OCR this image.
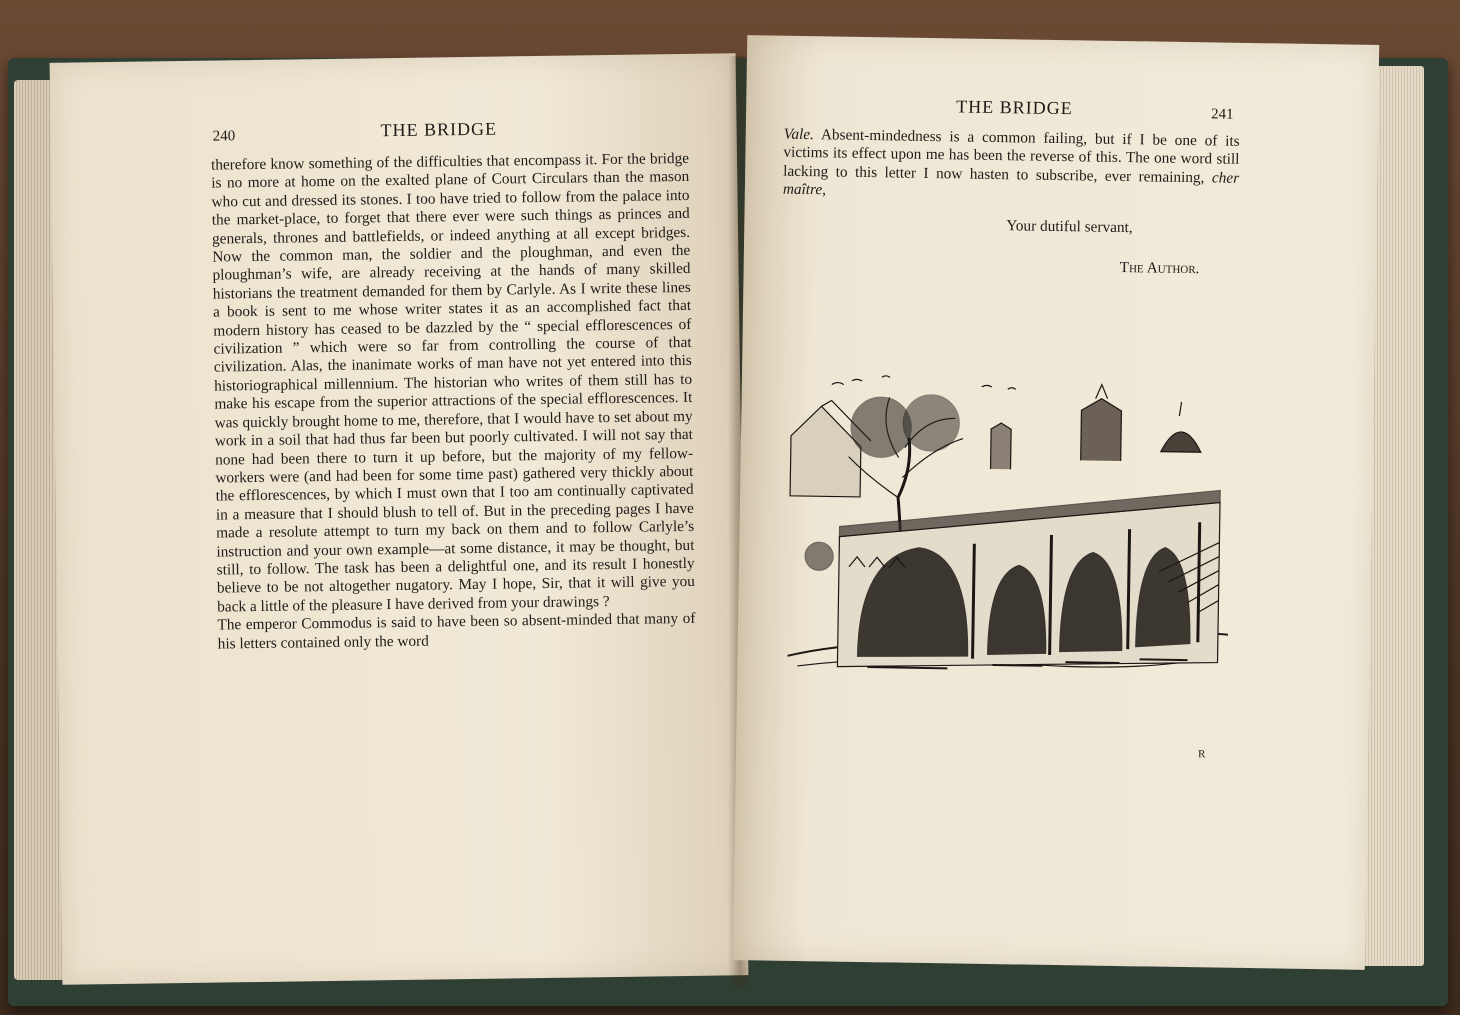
240	THE BRIDGE

therefore know something of the difficulties that encompass it. For the bridge is no more at home on the exalted plane of Court Circulars than the mason who cut and dressed its stones. I too have tried to follow from the palace into the market-place, to forget that there ever were such things as princes and generals, thrones and battlefields, or indeed anything at all except bridges. Now the common man, the soldier and the ploughman, and even the ploughman’s wife, are already receiving at the hands of many skilled historians the treatment demanded for them by Carlyle. As I write these lines a book is sent to me whose writer states it as an accomplished fact that modern history has ceased to be dazzled by the “ special efflorescences of civilization ” which were so far from controlling the course of that civilization. Alas, the inanimate works of man have not yet entered into this historiographical millennium. The historian who writes of them still has to make his escape from the superior attractions of the special efflorescences. It was quickly brought home to me, therefore, that I would have to set about my work in a soil that had thus far been but poorly cultivated. I will not say that none had been there to turn it up before, but the majority of my fellow-workers were (and had been for some time past) gathered very thickly about the efflorescences, by which I must own that I too am continually captivated in a measure that I should blush to tell of. But in the preceding pages I have made a resolute attempt to turn my back on them and to follow Carlyle’s instruction and your own example—at some distance, it may be thought, but still, to follow. The task has been a delightful one, and its result I honestly believe to be not altogether nugatory. May I hope, Sir, that it will give you back a little of the pleasure I have derived from your drawings ?

The emperor Commodus is said to have been so absent-minded that many of his letters contained only the word

THE BRIDGE	241

Vale. Absent-mindedness is a common failing, but if I be one of its victims its effect upon me has been the reverse of this. The one word still lacking to this letter I now hasten to subscribe, ever remaining, cher maître,

Your dutiful servant,
The Author.
R
